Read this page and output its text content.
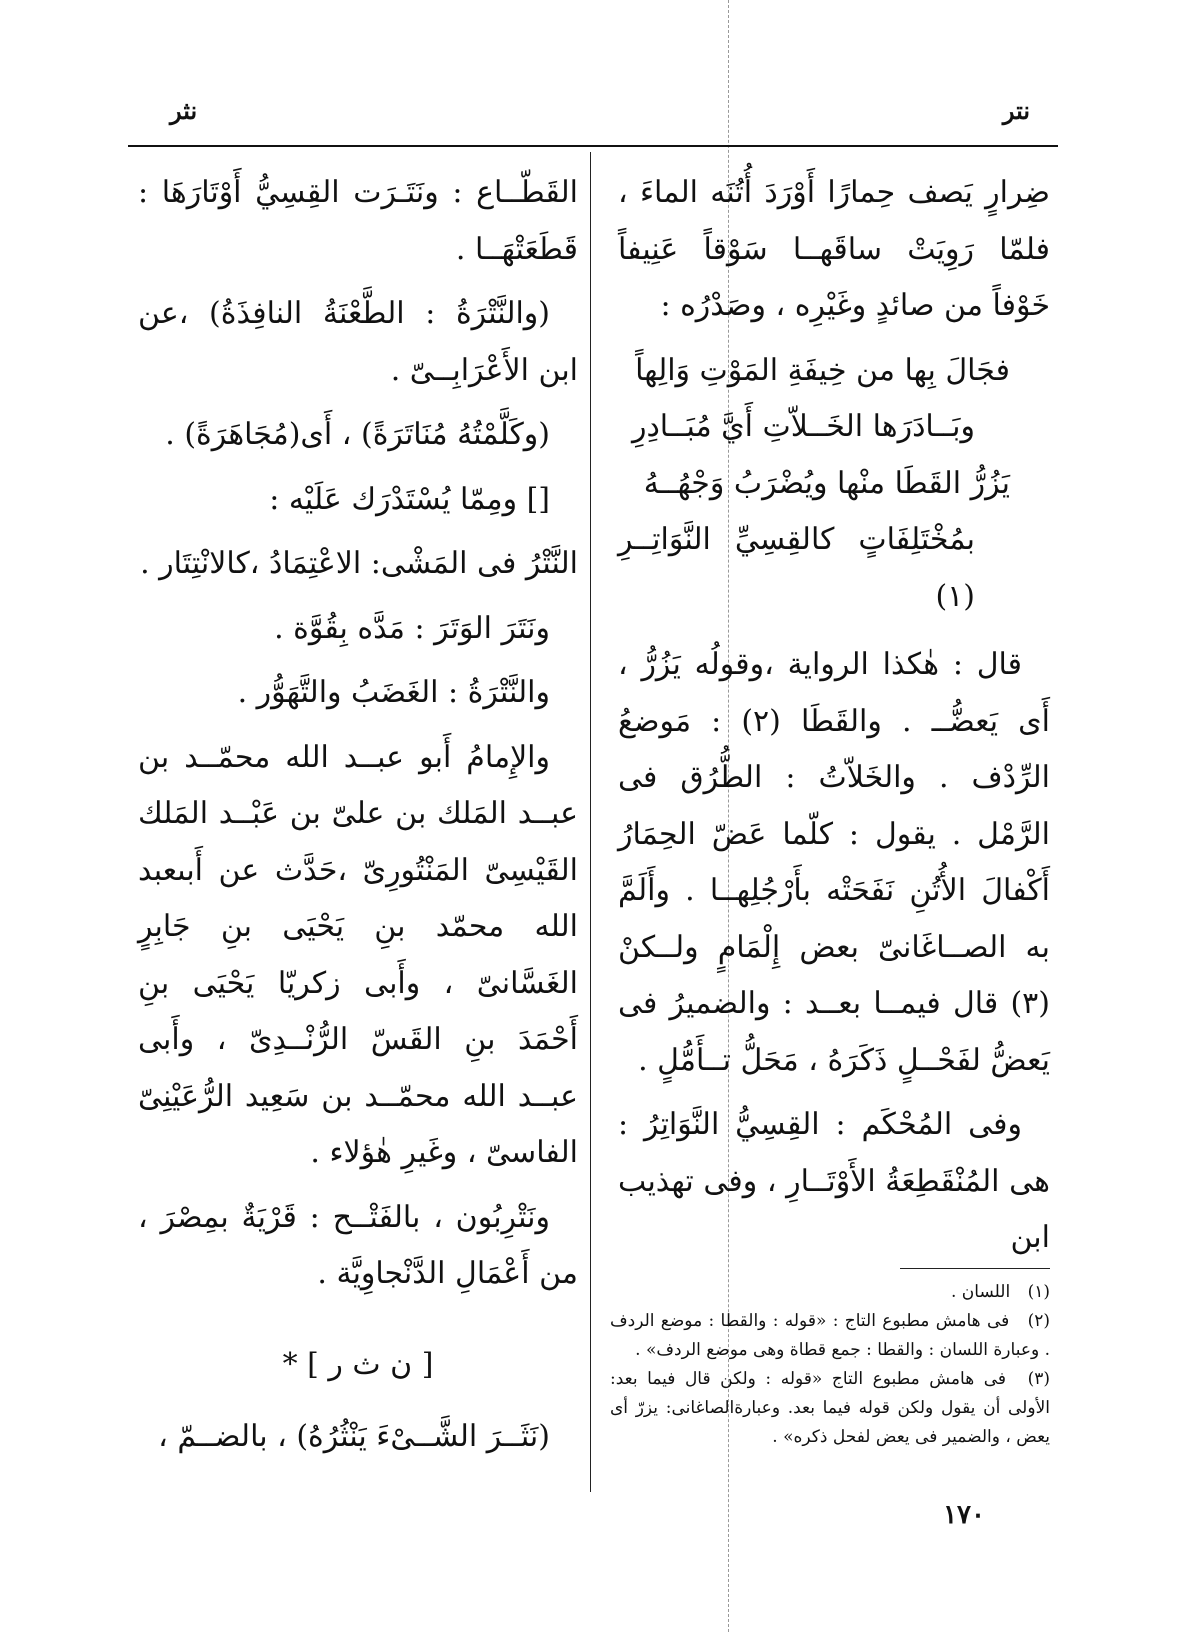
نتر
نثر

ضِرارٍ يَصف حِمارًا أَوْرَدَ أُتُنَه الماءَ ، فلمّا رَوِيَتْ ساقَهــا سَوْقاً عَنِيفاً خَوْفاً من صائدٍ وغَيْرِه ، وصَدْرُه :

فجَالَ بِها من خِيفَةِ المَوْتِ وَالِهاً

وبَــادَرَها الخَــلاّتِ أَيَّ مُبَــادِرِ

يَزُرُّ القَطَا منْها ويُضْرَبُ وَجْهُــهُ

بمُخْتَلِفَاتٍ كالقِسِيِّ النَّوَاتِــرِ (١)

قال : هٰكذا الرواية ،وقولُه يَزُرُّ ، أَى يَعضُّــ . والقَطَا (٢) : مَوضعُ الرِّدْف . والخَلاّتُ : الطُّرُق فى الرَّمْل . يقول : كلّما عَضّ الحِمَارُ أَكْفالَ الأُتُنِ نَفَحَتْه بأَرْجُلِهــا . وأَلَمَّ به الصــاغَانىّ بعض إِلْمَامٍ ولــكنْ (٣) قال فيمــا بعــد : والضميرُ فى يَعضُّ لفَحْــلٍ ذَكَرَهُ ، مَحَلُّ تــأَمُّلٍ .

وفى المُحْكَم : القِسِيُّ النَّوَاتِرُ : هى المُنْقَطِعَةُ الأَوْتَــارِ ، وفى تهذيب ابن

القَطّــاع : ونَتَـرَت القِسِيُّ أَوْتَارَهَا : قَطَعَتْهَــا .

(والنَّتْرَةُ : الطَّعْنَةُ النافِذَةُ) ،عن ابن الأَعْرَابِــىّ .

(وكَلَّمْتُهُ مُنَاتَرَةً) ، أَى(مُجَاهَرَةً) .

[] ومِمّا يُسْتَدْرَك عَلَيْه :

النَّتْرُ فى المَشْى: الاعْتِمَادُ ،كالانْتِتَار .

ونَتَرَ الوَتَرَ : مَدَّه بِقُوَّة .

والنَّتْرَةُ : الغَضَبُ والتَّهَوُّر .

والإِمامُ أَبو عبــد الله محمّــد بن عبــد المَلك بن علىّ بن عَبْــد المَلك القَيْسِىّ المَنْتُورِىّ ،حَدَّث عن أَبىعبد الله محمّد بنِ يَحْيَى بنِ جَابِرٍ الغَسَّانىّ ، وأَبى زكريّا يَحْيَى بنِ أَحْمَدَ بنِ القَسّ الرُّنْــدِىّ ، وأَبى عبــد الله محمّــد بن سَعِيد الرُّعَيْنِىّ الفاسىّ ، وغَيرِ هٰؤلاء .

ونَتْرِبُون ، بالفَتْــح : قَرْيَةٌ بمِصْرَ ، من أَعْمَالِ الدَّنْجاوِيَّة .

[ ن ث ر ] *

(نَثَــرَ الشَّــىْءَ يَنْثُرُهُ) ، بالضــمّ ،

(١) اللسان .

(٢) فى هامش مطبوع التاج : «قوله : والقطا : موضع الردف . وعبارة اللسان : والقطا : جمع قطاة وهى موضع الردف» .

(٣) فى هامش مطبوع التاج «قوله : ولكن قال فيما بعد: الأولى أن يقول ولكن قوله فيما بعد. وعبارةالصاغانى: يزرّ أى يعض ، والضمير فى يعض لفحل ذكره» .

١٧٠
